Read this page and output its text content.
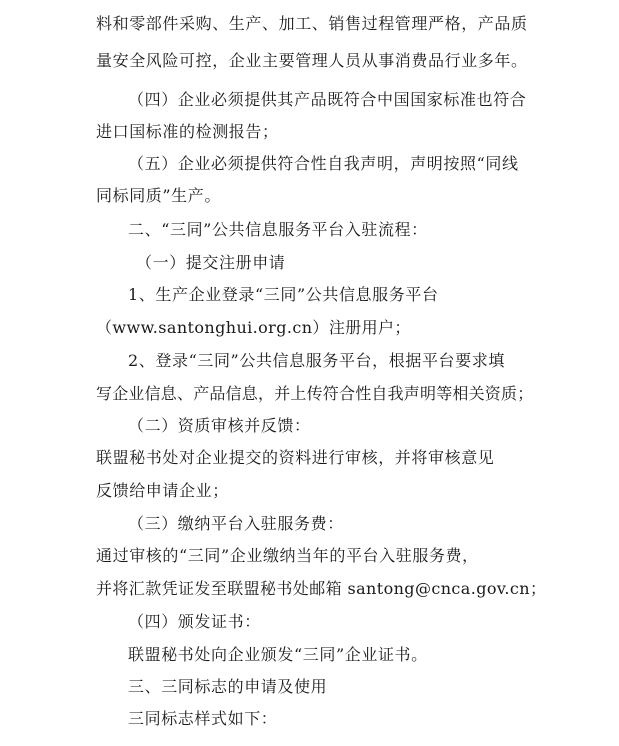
料和零部件采购、生产、加工、销售过程管理严格，产品质
量安全风险可控，企业主要管理人员从事消费品行业多年。
（四）企业必须提供其产品既符合中国国家标准也符合
进口国标准的检测报告；
（五）企业必须提供符合性自我声明，声明按照“同线
同标同质”生产。
二、“三同”公共信息服务平台入驻流程：
（一）提交注册申请
1、生产企业登录“三同”公共信息服务平台
（www.santonghui.org.cn）注册用户；
2、登录“三同”公共信息服务平台，根据平台要求填
写企业信息、产品信息，并上传符合性自我声明等相关资质；
（二）资质审核并反馈：
联盟秘书处对企业提交的资料进行审核，并将审核意见
反馈给申请企业；
（三）缴纳平台入驻服务费：
通过审核的“三同”企业缴纳当年的平台入驻服务费，
并将汇款凭证发至联盟秘书处邮箱 santong@cnca.gov.cn；
（四）颁发证书：
联盟秘书处向企业颁发“三同”企业证书。
三、三同标志的申请及使用
三同标志样式如下：
